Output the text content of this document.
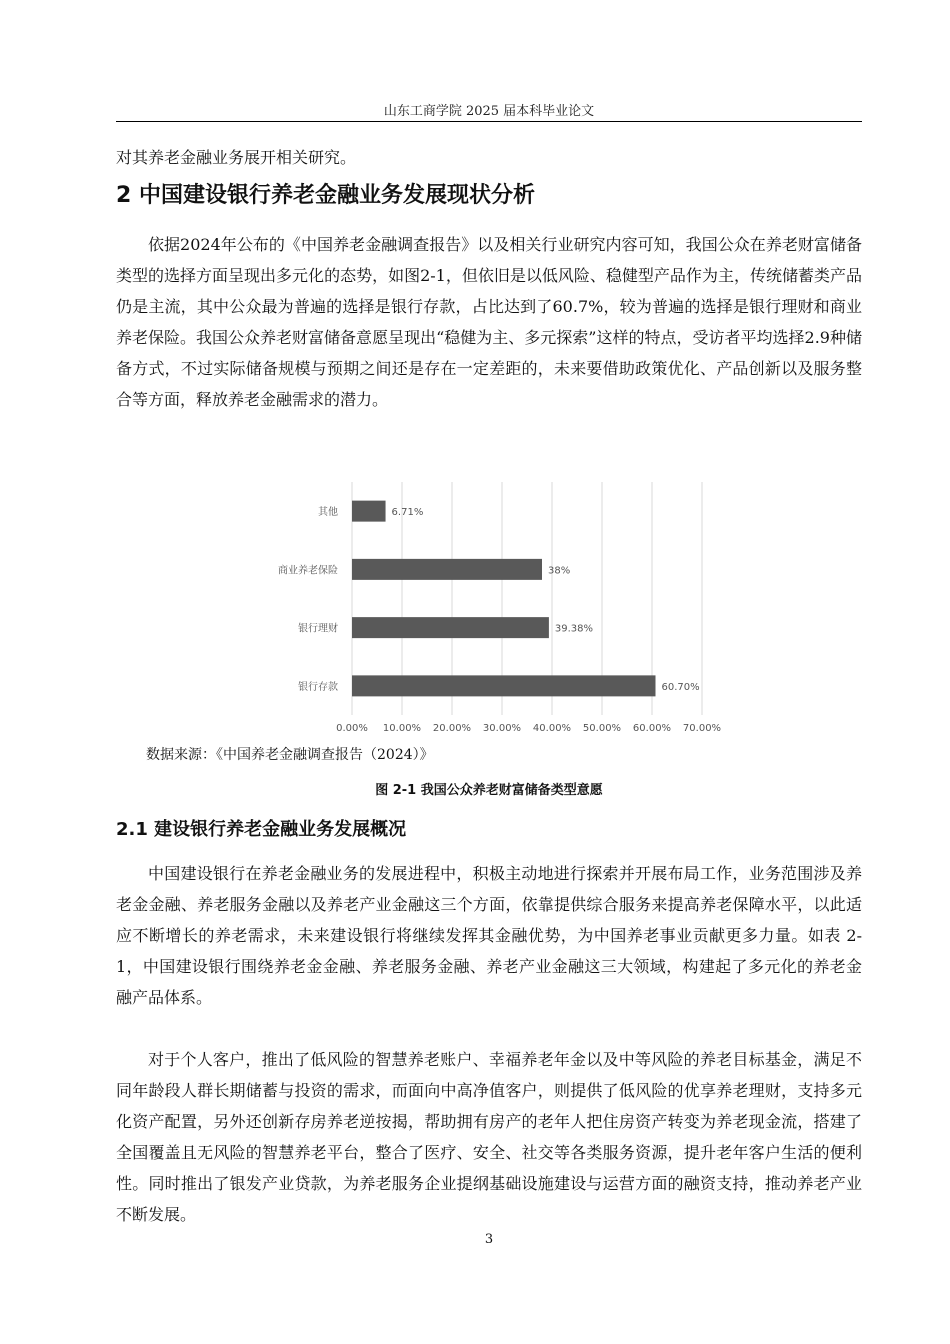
山东工商学院 2025 届本科毕业论文

对其养老金融业务展开相关研究。

2 中国建设银行养老金融业务发展现状分析

依据2024年公布的《中国养老金融调查报告》以及相关行业研究内容可知，我国公众在养老财富储备类型的选择方面呈现出多元化的态势，如图2-1，但依旧是以低风险、稳健型产品作为主，传统储蓄类产品仍是主流，其中公众最为普遍的选择是银行存款，占比达到了60.7%，较为普遍的选择是银行理财和商业养老保险。我国公众养老财富储备意愿呈现出“稳健为主、多元探索”这样的特点，受访者平均选择2.9种储备方式，不过实际储备规模与预期之间还是存在一定差距的，未来要借助政策优化、产品创新以及服务整合等方面，释放养老金融需求的潜力。

0.00% 10.00% 20.00% 30.00% 40.00% 50.00% 60.00% 70.00%
其他	6.71%
商业养老保险	38%
银行理财	39.38%
银行存款	60.70%
数据来源：《中国养老金融调查报告（2024）》
图 2-1 我国公众养老财富储备类型意愿
2.1 建设银行养老金融业务发展概况

中国建设银行在养老金融业务的发展进程中，积极主动地进行探索并开展布局工作，业务范围涉及养老金金融、养老服务金融以及养老产业金融这三个方面，依靠提供综合服务来提高养老保障水平，以此适应不断增长的养老需求，未来建设银行将继续发挥其金融优势，为中国养老事业贡献更多力量。如表 2-1，中国建设银行围绕养老金金融、养老服务金融、养老产业金融这三大领域，构建起了多元化的养老金融产品体系。

对于个人客户，推出了低风险的智慧养老账户、幸福养老年金以及中等风险的养老目标基金，满足不同年龄段人群长期储蓄与投资的需求，而面向中高净值客户，则提供了低风险的优享养老理财，支持多元化资产配置，另外还创新存房养老逆按揭，帮助拥有房产的老年人把住房资产转变为养老现金流，搭建了全国覆盖且无风险的智慧养老平台，整合了医疗、安全、社交等各类服务资源，提升老年客户生活的便利性。同时推出了银发产业贷款，为养老服务企业提纲基础设施建设与运营方面的融资支持，推动养老产业不断发展。

3
